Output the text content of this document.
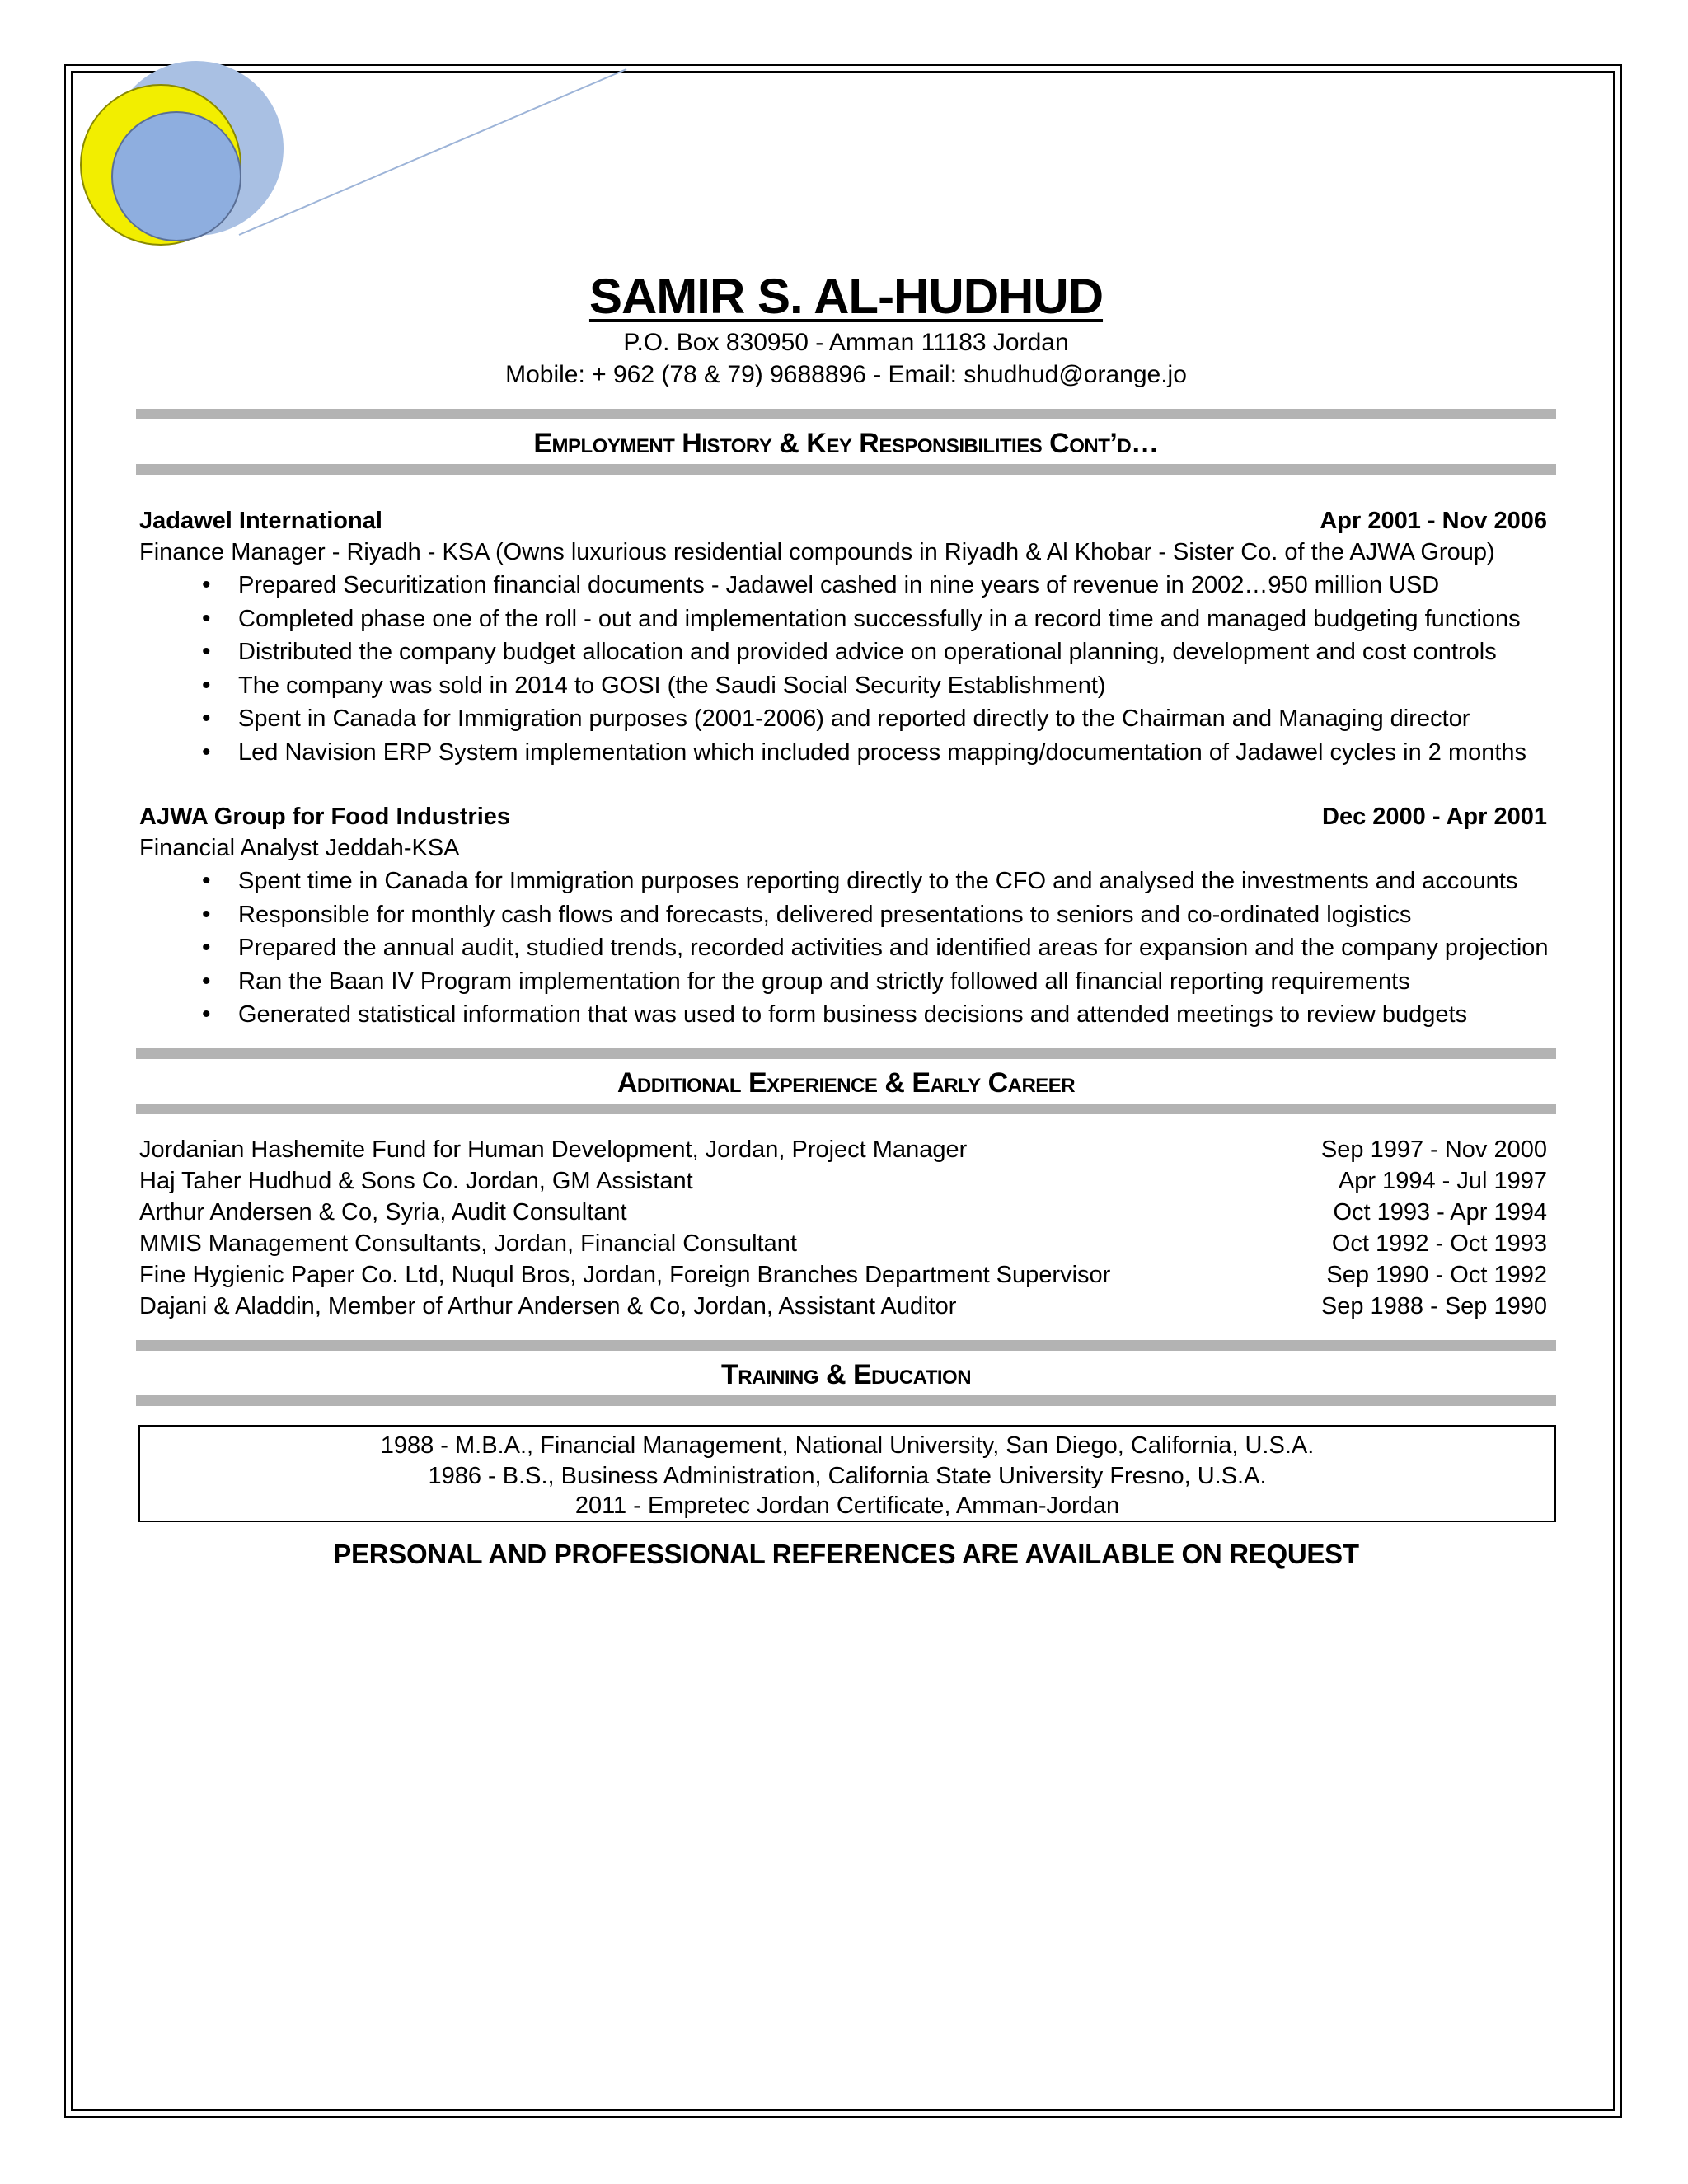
SAMIR S. AL-HUDHUD
P.O. Box 830950 - Amman 11183 Jordan
Mobile: + 962 (78 & 79) 9688896 - Email: shudhud@orange.jo
Employment History & Key Responsibilities Cont’d…
Jadawel International	Apr 2001 - Nov 2006
Finance Manager - Riyadh - KSA (Owns luxurious residential compounds in Riyadh & Al Khobar - Sister Co. of the AJWA Group)
• Prepared Securitization financial documents - Jadawel cashed in nine years of revenue in 2002…950 million USD
• Completed phase one of the roll - out and implementation successfully in a record time and managed budgeting functions
• Distributed the company budget allocation and provided advice on operational planning, development and cost controls
• The company was sold in 2014 to GOSI (the Saudi Social Security Establishment)
• Spent in Canada for Immigration purposes (2001-2006) and reported directly to the Chairman and Managing director
• Led Navision ERP System implementation which included process mapping/documentation of Jadawel cycles in 2 months
AJWA Group for Food Industries	Dec 2000 - Apr 2001
Financial Analyst Jeddah-KSA
• Spent time in Canada for Immigration purposes reporting directly to the CFO and analysed the investments and accounts
• Responsible for monthly cash flows and forecasts, delivered presentations to seniors and co-ordinated logistics
• Prepared the annual audit, studied trends, recorded activities and identified areas for expansion and the company projection
• Ran the Baan IV Program implementation for the group and strictly followed all financial reporting requirements
• Generated statistical information that was used to form business decisions and attended meetings to review budgets
Additional Experience & Early Career
Jordanian Hashemite Fund for Human Development, Jordan, Project Manager	Sep 1997 - Nov 2000
Haj Taher Hudhud & Sons Co. Jordan, GM Assistant	Apr 1994 - Jul 1997
Arthur Andersen & Co, Syria, Audit Consultant	Oct 1993 - Apr 1994
MMIS Management Consultants, Jordan, Financial Consultant	Oct 1992 - Oct 1993
Fine Hygienic Paper Co. Ltd, Nuqul Bros, Jordan, Foreign Branches Department Supervisor	Sep 1990 - Oct 1992
Dajani & Aladdin, Member of Arthur Andersen & Co, Jordan, Assistant Auditor	Sep 1988 - Sep 1990
Training & Education
1988 - M.B.A., Financial Management, National University, San Diego, California, U.S.A.
1986 - B.S., Business Administration, California State University Fresno, U.S.A.
2011 - Empretec Jordan Certificate, Amman-Jordan
PERSONAL AND PROFESSIONAL REFERENCES ARE AVAILABLE ON REQUEST
